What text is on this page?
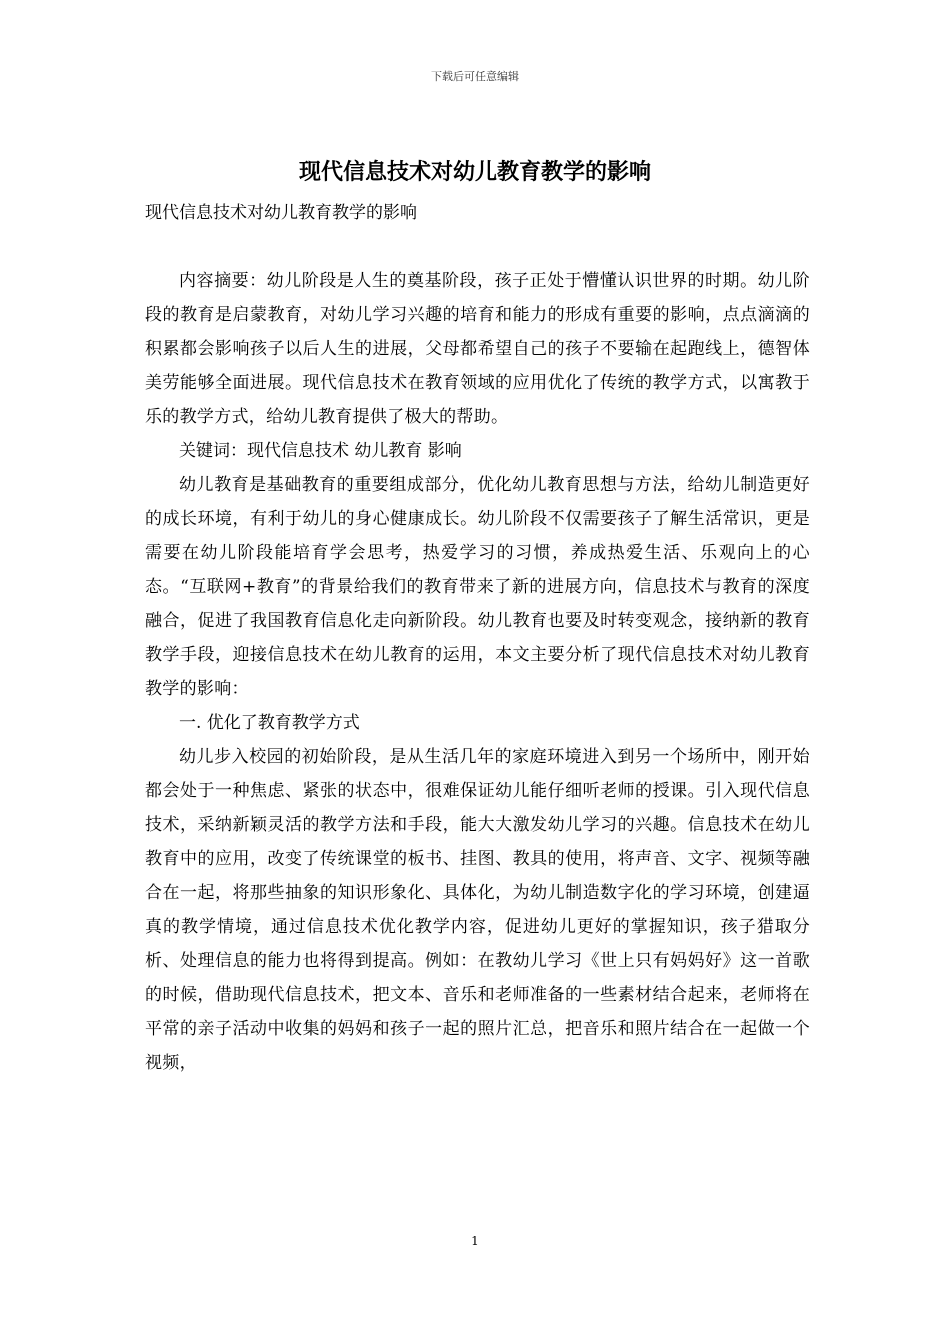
下载后可任意编辑
现代信息技术对幼儿教育教学的影响
现代信息技术对幼儿教育教学的影响

内容摘要：幼儿阶段是人生的奠基阶段，孩子正处于懵懂认识世界的时期。幼儿阶段的教育是启蒙教育，对幼儿学习兴趣的培育和能力的形成有重要的影响，点点滴滴的积累都会影响孩子以后人生的进展，父母都希望自己的孩子不要输在起跑线上，德智体美劳能够全面进展。现代信息技术在教育领域的应用优化了传统的教学方式，以寓教于乐的教学方式，给幼儿教育提供了极大的帮助。

关键词：现代信息技术 幼儿教育 影响

幼儿教育是基础教育的重要组成部分，优化幼儿教育思想与方法，给幼儿制造更好的成长环境，有利于幼儿的身心健康成长。幼儿阶段不仅需要孩子了解生活常识，更是需要在幼儿阶段能培育学会思考，热爱学习的习惯，养成热爱生活、乐观向上的心态。“互联网+教育”的背景给我们的教育带来了新的进展方向，信息技术与教育的深度融合，促进了我国教育信息化走向新阶段。幼儿教育也要及时转变观念，接纳新的教育教学手段，迎接信息技术在幼儿教育的运用，本文主要分析了现代信息技术对幼儿教育教学的影响：

一. 优化了教育教学方式

幼儿步入校园的初始阶段，是从生活几年的家庭环境进入到另一个场所中，刚开始都会处于一种焦虑、紧张的状态中，很难保证幼儿能仔细听老师的授课。引入现代信息技术，采纳新颖灵活的教学方法和手段，能大大激发幼儿学习的兴趣。信息技术在幼儿教育中的应用，改变了传统课堂的板书、挂图、教具的使用，将声音、文字、视频等融合在一起，将那些抽象的知识形象化、具体化，为幼儿制造数字化的学习环境，创建逼真的教学情境，通过信息技术优化教学内容，促进幼儿更好的掌握知识，孩子猎取分析、处理信息的能力也将得到提高。例如：在教幼儿学习《世上只有妈妈好》这一首歌的时候，借助现代信息技术，把文本、音乐和老师准备的一些素材结合起来，老师将在平常的亲子活动中收集的妈妈和孩子一起的照片汇总，把音乐和照片结合在一起做一个视频，

1
